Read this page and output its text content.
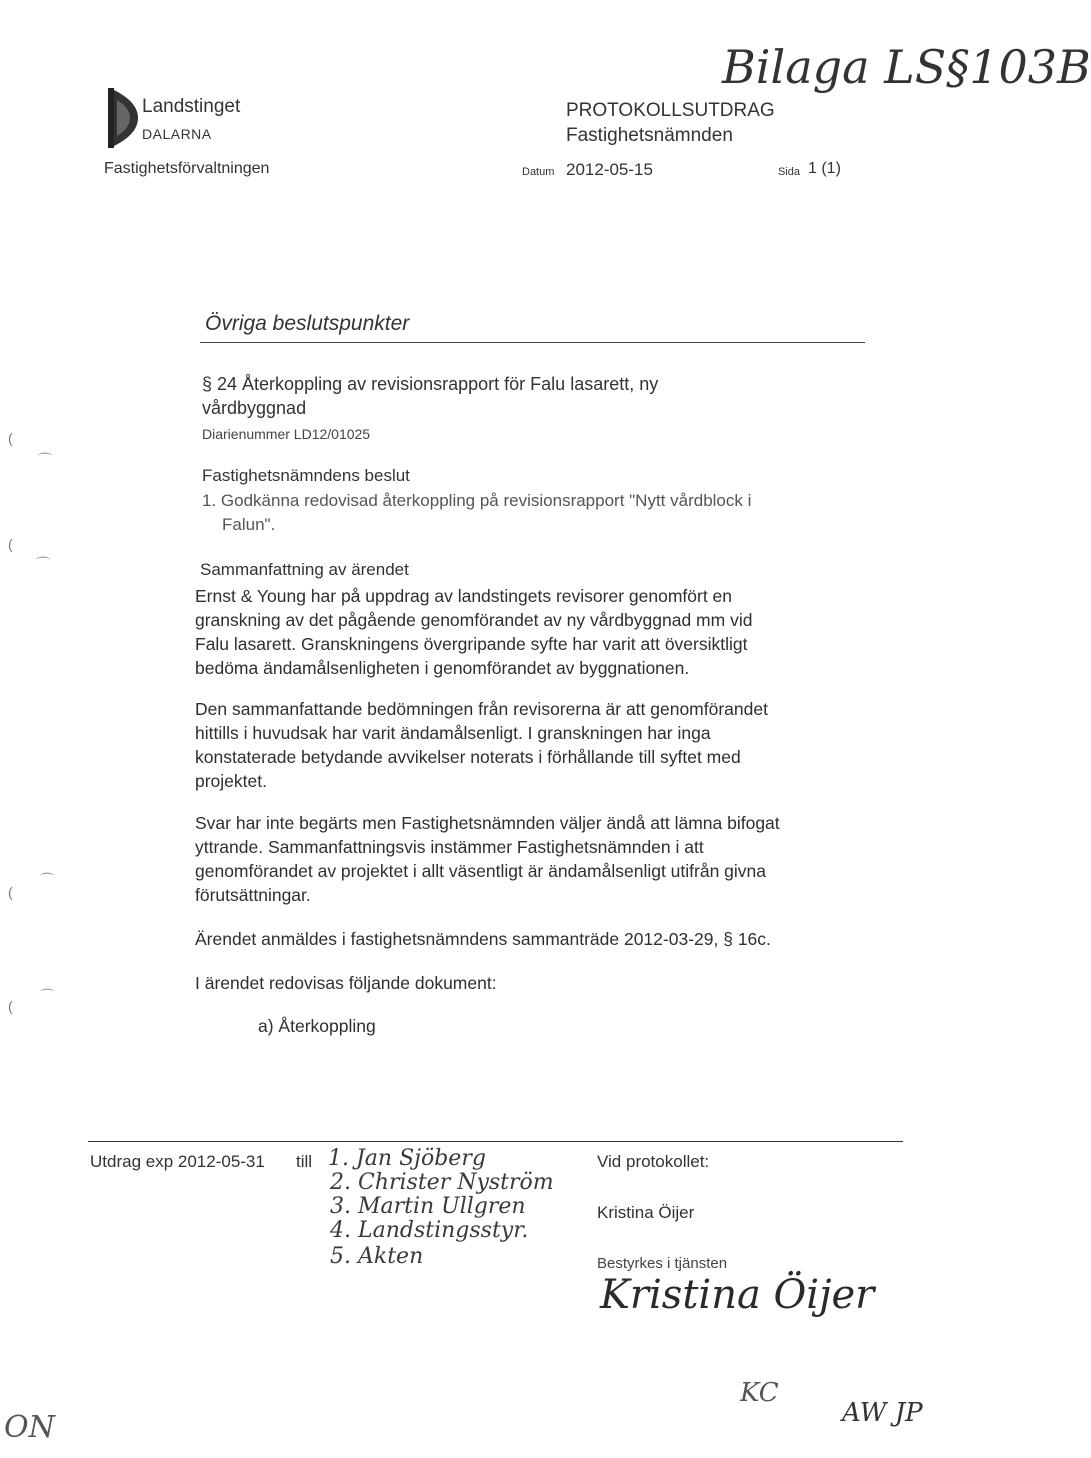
Bilaga LS§103B
Landstinget
DALARNA
Fastighetsförvaltningen
PROTOKOLLSUTDRAG
Fastighetsnämnden
Datum 2012-05-15	Sida 1 (1)
Övriga beslutspunkter
§ 24 Återkoppling av revisionsrapport för Falu lasarett, ny
vårdbyggnad
Diarienummer LD12/01025
Fastighetsnämndens beslut
1. Godkänna redovisad återkoppling på revisionsrapport "Nytt vårdblock i
Falun".
Sammanfattning av ärendet
Ernst & Young har på uppdrag av landstingets revisorer genomfört en
granskning av det pågående genomförandet av ny vårdbyggnad mm vid
Falu lasarett. Granskningens övergripande syfte har varit att översiktligt
bedöma ändamålsenligheten i genomförandet av byggnationen.
Den sammanfattande bedömningen från revisorerna är att genomförandet
hittills i huvudsak har varit ändamålsenligt. I granskningen har inga
konstaterade betydande avvikelser noterats i förhållande till syftet med
projektet.
Svar har inte begärts men Fastighetsnämnden väljer ändå att lämna bifogat
yttrande. Sammanfattningsvis instämmer Fastighetsnämnden i att
genomförandet av projektet i allt väsentligt är ändamålsenligt utifrån givna
förutsättningar.
Ärendet anmäldes i fastighetsnämndens sammanträde 2012-03-29, § 16c.
I ärendet redovisas följande dokument:
a) Återkoppling
Utdrag exp 2012-05-31 till 1. Jan Sjöberg
2. Christer Nyström
3. Martin Ullgren
4. Landstingsstyr.
5. Akten
Vid protokollet:
Kristina Öijer
Bestyrkes i tjänsten
Kristina Öijer
KC
AW JP
ON
(
⌒
(
⌒
(
⌒
(
⌒
